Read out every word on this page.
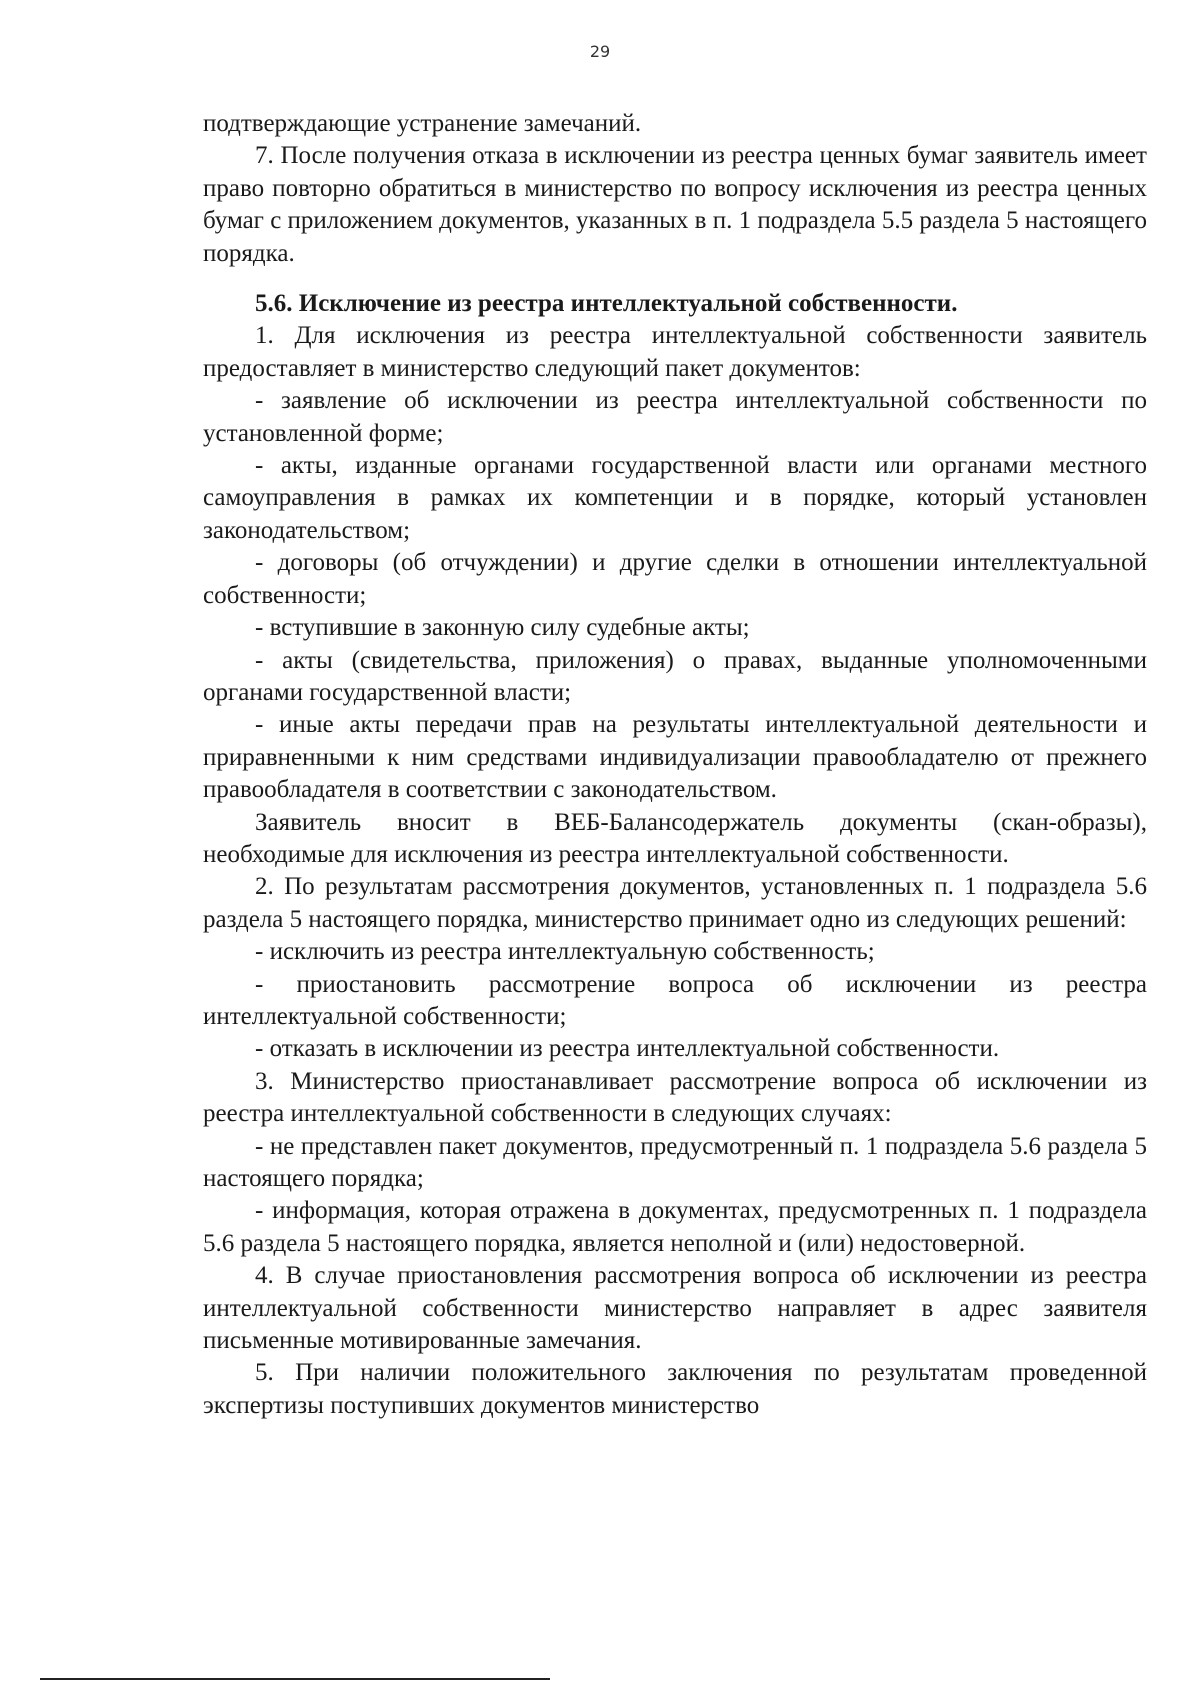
29

подтверждающие устранение замечаний.

7. После получения отказа в исключении из реестра ценных бумаг заявитель имеет право повторно обратиться в министерство по вопросу исключения из реестра ценных бумаг с приложением документов, указанных в п. 1 подраздела 5.5 раздела 5 настоящего порядка.

5.6. Исключение из реестра интеллектуальной собственности.

1. Для исключения из реестра интеллектуальной собственности заявитель предоставляет в министерство следующий пакет документов:

- заявление об исключении из реестра интеллектуальной собственности по установленной форме;

- акты, изданные органами государственной власти или органами местного самоуправления в рамках их компетенции и в порядке, который установлен законодательством;

- договоры (об отчуждении) и другие сделки в отношении интеллектуальной собственности;

- вступившие в законную силу судебные акты;

- акты (свидетельства, приложения) о правах, выданные уполномоченными органами государственной власти;

- иные акты передачи прав на результаты интеллектуальной деятельности и приравненными к ним средствами индивидуализации правообладателю от прежнего правообладателя в соответствии с законодательством.

Заявитель вносит в ВЕБ-Балансодержатель документы (скан-образы), необходимые для исключения из реестра интеллектуальной собственности.

2. По результатам рассмотрения документов, установленных п. 1 подраздела 5.6 раздела 5 настоящего порядка, министерство принимает одно из следующих решений:

- исключить из реестра интеллектуальную собственность;

- приостановить рассмотрение вопроса об исключении из реестра интеллектуальной собственности;

- отказать в исключении из реестра интеллектуальной собственности.

3. Министерство приостанавливает рассмотрение вопроса об исключении из реестра интеллектуальной собственности в следующих случаях:

- не представлен пакет документов, предусмотренный п. 1 подраздела 5.6 раздела 5 настоящего порядка;

- информация, которая отражена в документах, предусмотренных п. 1 подраздела 5.6 раздела 5 настоящего порядка, является неполной и (или) недостоверной.

4. В случае приостановления рассмотрения вопроса об исключении из реестра интеллектуальной собственности министерство направляет в адрес заявителя письменные мотивированные замечания.

5. При наличии положительного заключения по результатам проведенной экспертизы поступивших документов министерство
